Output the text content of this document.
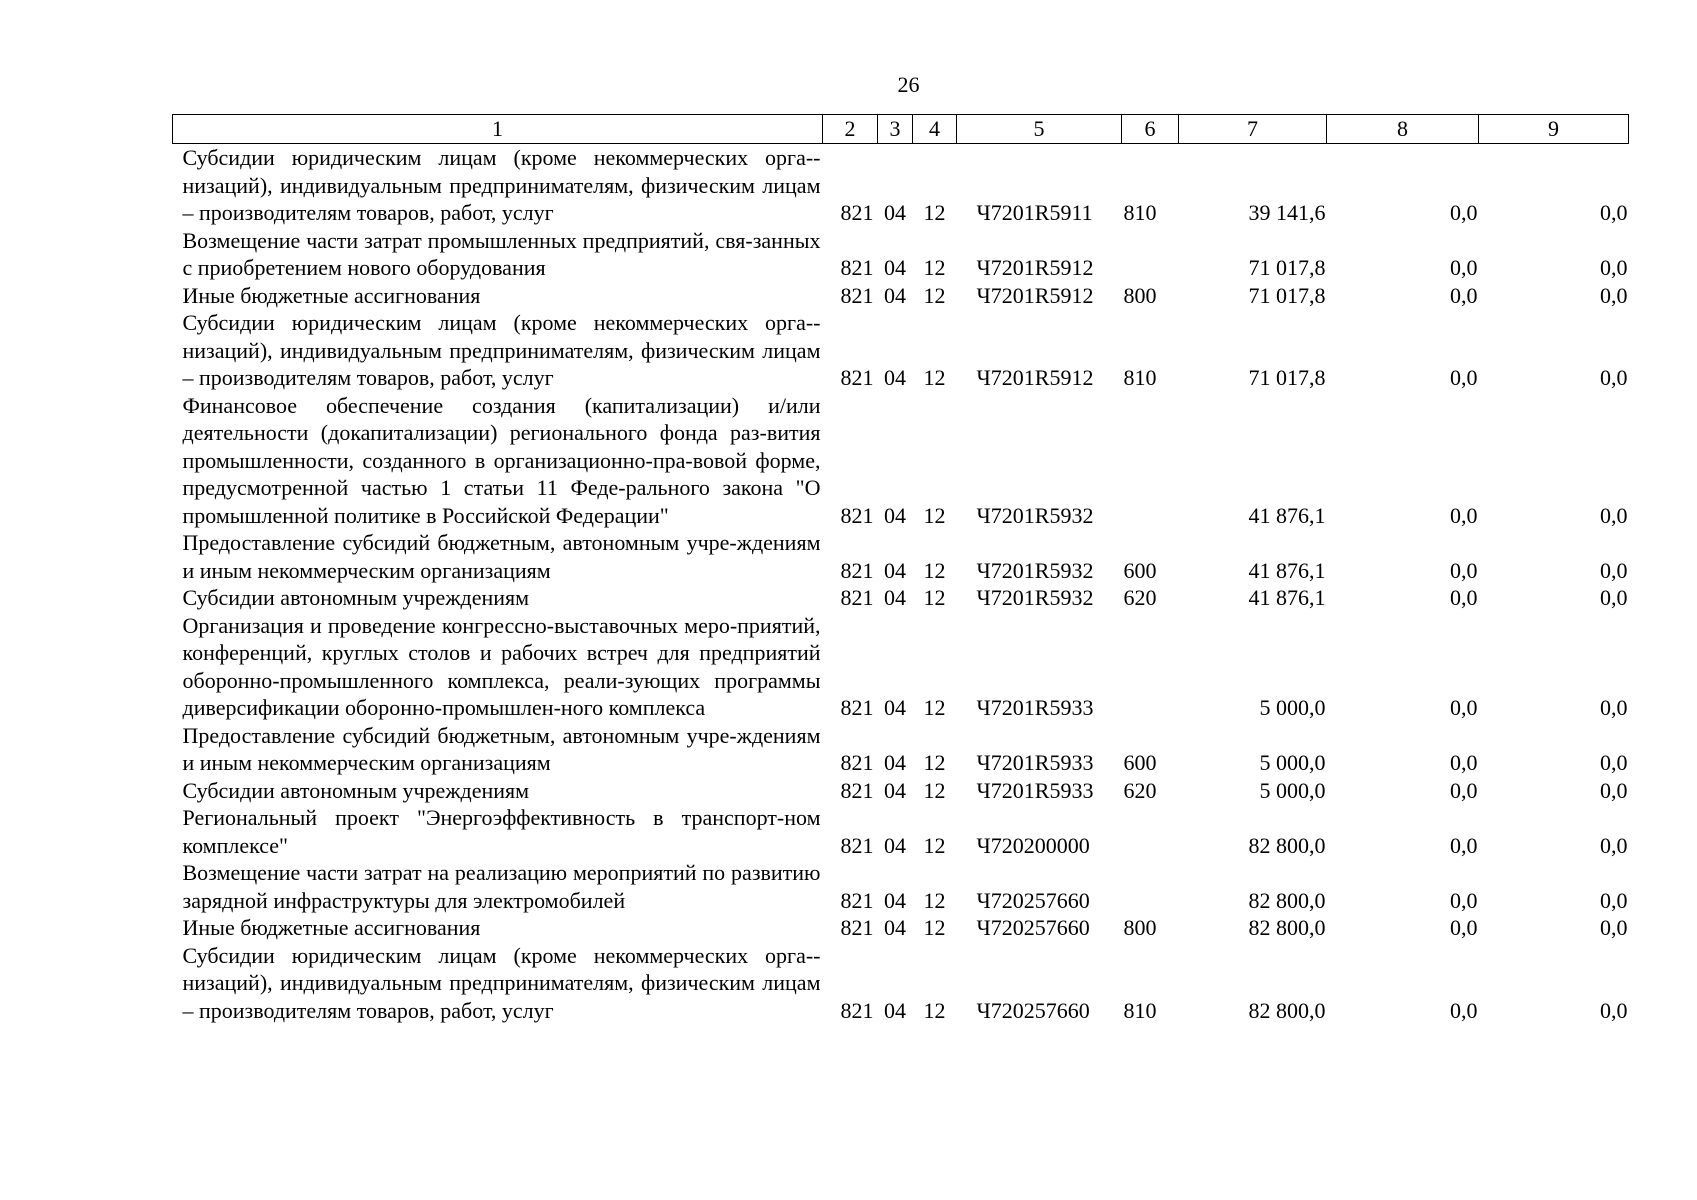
26
1	2	3	4	5	6	7	8	9
Субсидии юридическим лицам (кроме некоммерческих орга-низаций), индивидуальным предпринимателям, физическим лицам – производителям товаров, работ, услуг	821	04	12	Ч7201R5911	810	39 141,6	0,0	0,0
Возмещение части затрат промышленных предприятий, свя-занных с приобретением нового оборудования	821	04	12	Ч7201R5912		71 017,8	0,0	0,0
Иные бюджетные ассигнования	821	04	12	Ч7201R5912	800	71 017,8	0,0	0,0
Субсидии юридическим лицам (кроме некоммерческих орга-низаций), индивидуальным предпринимателям, физическим лицам – производителям товаров, работ, услуг	821	04	12	Ч7201R5912	810	71 017,8	0,0	0,0
Финансовое обеспечение создания (капитализации) и/или деятельности (докапитализации) регионального фонда раз-вития промышленности, созданного в организационно-пра-вовой форме, предусмотренной частью 1 статьи 11 Феде-рального закона "О промышленной политике в Российской Федерации"	821	04	12	Ч7201R5932		41 876,1	0,0	0,0
Предоставление субсидий бюджетным, автономным учре-ждениям и иным некоммерческим организациям	821	04	12	Ч7201R5932	600	41 876,1	0,0	0,0
Субсидии автономным учреждениям	821	04	12	Ч7201R5932	620	41 876,1	0,0	0,0
Организация и проведение конгрессно-выставочных меро-приятий, конференций, круглых столов и рабочих встреч для предприятий оборонно-промышленного комплекса, реали-зующих программы диверсификации оборонно-промышлен-ного комплекса	821	04	12	Ч7201R5933		5 000,0	0,0	0,0
Предоставление субсидий бюджетным, автономным учре-ждениям и иным некоммерческим организациям	821	04	12	Ч7201R5933	600	5 000,0	0,0	0,0
Субсидии автономным учреждениям	821	04	12	Ч7201R5933	620	5 000,0	0,0	0,0
Региональный проект "Энергоэффективность в транспорт-ном комплексе"	821	04	12	Ч720200000		82 800,0	0,0	0,0
Возмещение части затрат на реализацию мероприятий по развитию зарядной инфраструктуры для электромобилей	821	04	12	Ч720257660		82 800,0	0,0	0,0
Иные бюджетные ассигнования	821	04	12	Ч720257660	800	82 800,0	0,0	0,0
Субсидии юридическим лицам (кроме некоммерческих орга-низаций), индивидуальным предпринимателям, физическим лицам – производителям товаров, работ, услуг	821	04	12	Ч720257660	810	82 800,0	0,0	0,0
